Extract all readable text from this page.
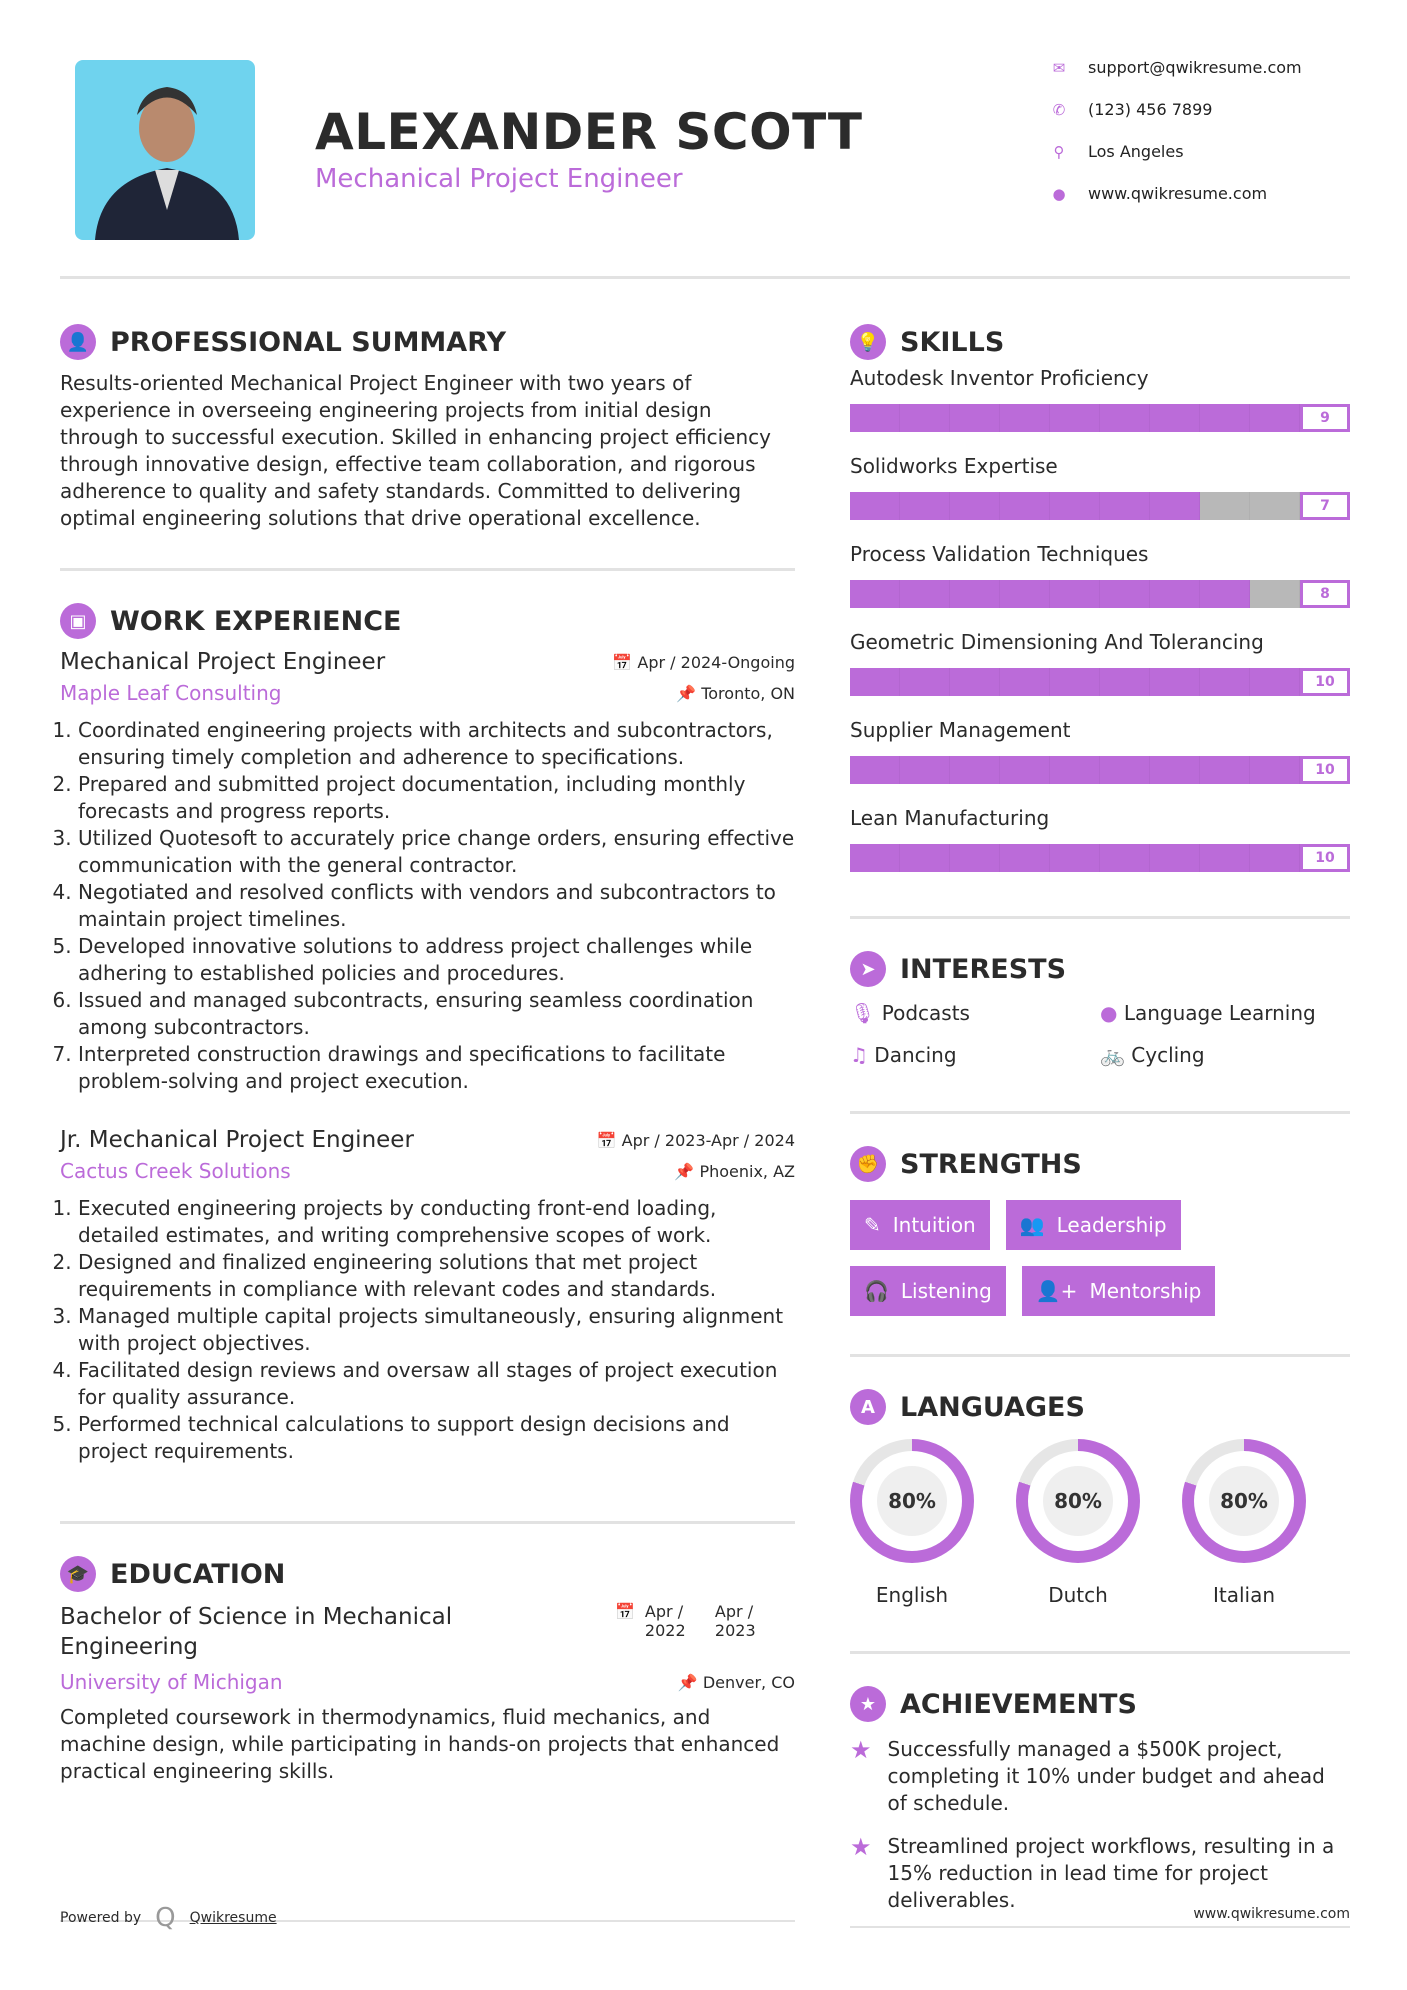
ALEXANDER SCOTT
Mechanical Project Engineer
✉ support@qwikresume.com
✆ (123) 456 7899
⚲ Los Angeles
● www.qwikresume.com
👤 PROFESSIONAL SUMMARY

Results-oriented Mechanical Project Engineer with two years of experience in overseeing engineering projects from initial design through to successful execution. Skilled in enhancing project efficiency through innovative design, effective team collaboration, and rigorous adherence to quality and safety standards. Committed to delivering optimal engineering solutions that drive operational excellence.

▣ WORK EXPERIENCE
Mechanical Project Engineer	📅 Apr / 2024-Ongoing
Maple Leaf Consulting	📌 Toronto, ON
1. Coordinated engineering projects with architects and subcontractors, ensuring timely completion and adherence to specifications.
2. Prepared and submitted project documentation, including monthly forecasts and progress reports.
3. Utilized Quotesoft to accurately price change orders, ensuring effective communication with the general contractor.
4. Negotiated and resolved conflicts with vendors and subcontractors to maintain project timelines.
5. Developed innovative solutions to address project challenges while adhering to established policies and procedures.
6. Issued and managed subcontracts, ensuring seamless coordination among subcontractors.
7. Interpreted construction drawings and specifications to facilitate problem-solving and project execution.
Jr. Mechanical Project Engineer	📅 Apr / 2023-Apr / 2024
Cactus Creek Solutions	📌 Phoenix, AZ
1. Executed engineering projects by conducting front-end loading, detailed estimates, and writing comprehensive scopes of work.
2. Designed and finalized engineering solutions that met project requirements in compliance with relevant codes and standards.
3. Managed multiple capital projects simultaneously, ensuring alignment with project objectives.
4. Facilitated design reviews and oversaw all stages of project execution for quality assurance.
5. Performed technical calculations to support design decisions and project requirements.
🎓 EDUCATION
Bachelor of Science in Mechanical Engineering
📅 Apr / 2022
Apr / 2023
University of Michigan	📌 Denver, CO

Completed coursework in thermodynamics, fluid mechanics, and machine design, while participating in hands-on projects that enhanced practical engineering skills.

Powered by Q Qwikresume
💡 SKILLS
Autodesk Inventor Proficiency
9
Solidworks Expertise
7
Process Validation Techniques
8
Geometric Dimensioning And Tolerancing
10
Supplier Management
10
Lean Manufacturing
10
➤ INTERESTS
🎙 Podcasts	● Language Learning
♫ Dancing	🚲 Cycling
✊ STRENGTHS
✎ Intuition 👥 Leadership
🎧 Listening 👤+ Mentorship
A LANGUAGES
80%
English
80%
Dutch
80%
Italian
★ ACHIEVEMENTS
★ Successfully managed a $500K project, completing it 10% under budget and ahead of schedule.
★ Streamlined project workflows, resulting in a 15% reduction in lead time for project deliverables.
www.qwikresume.com
